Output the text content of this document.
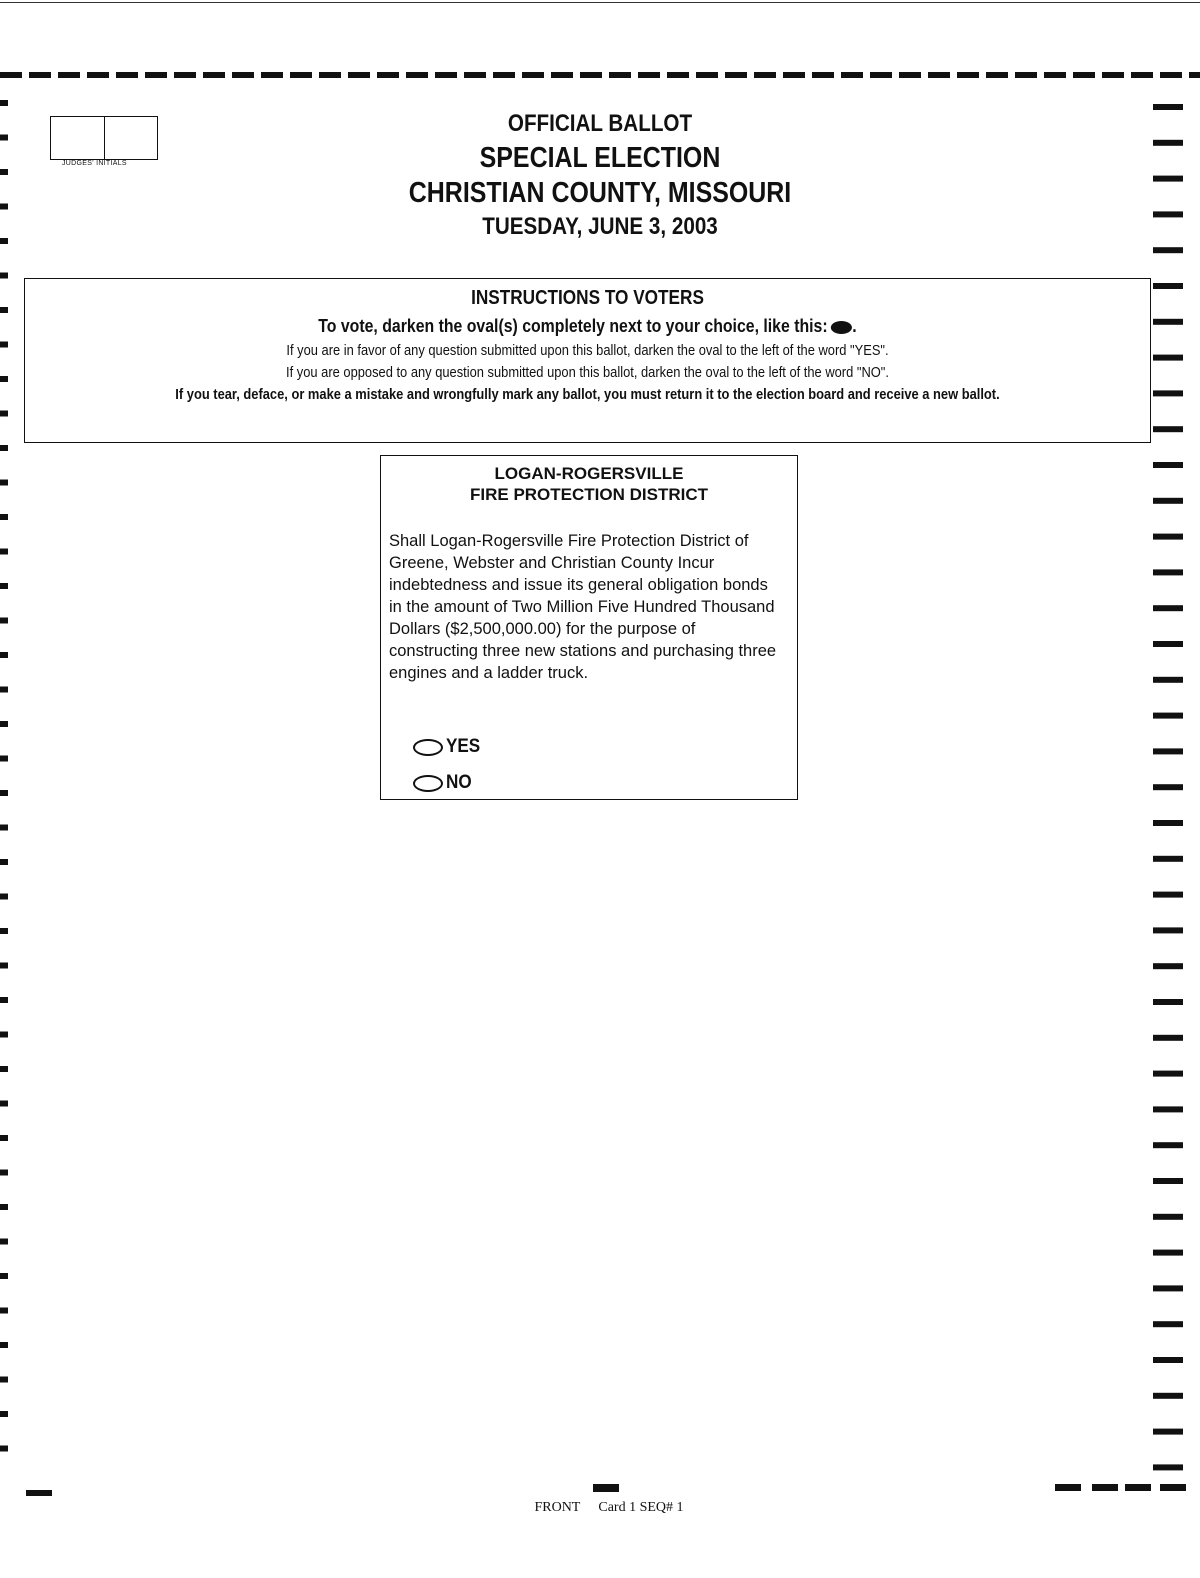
JUDGES' INITIALS
OFFICIAL BALLOT
SPECIAL ELECTION
CHRISTIAN COUNTY, MISSOURI
TUESDAY, JUNE 3, 2003
INSTRUCTIONS TO VOTERS
To vote, darken the oval(s) completely next to your choice, like this: .
If you are in favor of any question submitted upon this ballot, darken the oval to the left of the word "YES".
If you are opposed to any question submitted upon this ballot, darken the oval to the left of the word "NO".
If you tear, deface, or make a mistake and wrongfully mark any ballot, you must return it to the election board and receive a new ballot.
LOGAN-ROGERSVILLE
FIRE PROTECTION DISTRICT
Shall Logan-Rogersville Fire Protection District of Greene, Webster and Christian County Incur indebtedness and issue its general obligation bonds in the amount of Two Million Five Hundred Thousand Dollars ($2,500,000.00) for the purpose of constructing three new stations and purchasing three engines and a ladder truck.
YES
NO
FRONT Card 1 SEQ# 1
